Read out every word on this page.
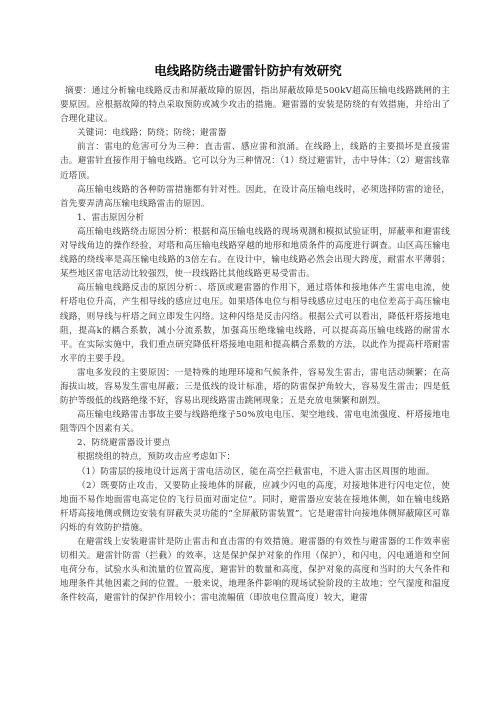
电线路防绕击避雷针防护有效研究

摘要：通过分析输电线路反击和屏蔽故障的原因，指出屏蔽故障是500kV超高压输电线路跳闸的主要原因。应根据故障的特点采取预防或减少攻击的措施。避雷器的安装是防绕的有效措施，并给出了合理化建议。

关键词：电线路；防绕；防绕；避雷器

前言：雷电的危害可分为三种：直击雷、感应雷和浪涌。在线路上，线路的主要损坏是直接雷击。避雷针直接作用于输电线路。它可以分为三种情况：（1）绕过避雷针，击中导体；（2）避雷线靠近塔顶。

高压输电线路的各种防雷措施都有针对性。因此，在设计高压输电线时，必须选择防雷的途径，首先要弄清高压输电线路雷击的原因。

1、雷击原因分析

高压输电线路绕击原因分析：根据和高压输电线路的现场观测和模拟试验证明，屏蔽率和避雷线对导线角边的操作经验，对塔和高压输电线路穿越的地形和地质条件的高度进行调查。山区高压输电线路的绕线率是高压输电线路的3倍左右。在设计中，输电线路必然会出现大跨度，耐雷水平薄弱；某些地区雷电活动比较强烈，使一段线路比其他线路更易受雷击。

高压输电线路反击的原因分析：、塔顶或避雷器的作用下，通过塔体和接地体产生雷电电流，使杆塔电位升高，产生相导线的感应过电压。如果塔体电位与相导线感应过电压的电位差高于高压输电线路，则导线与杆塔之间立即发生闪络。这种闪络是反击闪络。根据公式可以看出，降低杆塔接地电阻，提高k的耦合系数，减小分流系数，加强高压绝缘输电线路，可以提高高压输电线路的耐雷水平。在实际实施中，我们重点研究降低杆塔接地电阻和提高耦合系数的方法，以此作为提高杆塔耐雷水平的主要手段。

雷电多发段的主要原因：一是特殊的地理环境和气候条件，容易发生雷击，雷电活动频繁；在高海拔山坡，容易发生雷电屏蔽；三是低线的设计标准，塔的防雷保护角较大，容易发生雷击；四是低防护等级低的线路绝缘不好，容易出现线路雷击跳闸现象；五是充放电频繁和剧烈。

高压输电线路雷击事故主要与线路绝缘子50%放电电压、架空地线、雷电电流强度、杆塔接地电阻等四个因素有关。

2、防绕避雷器设计要点

根据绕组的特点，预防攻击应考虑如下：

（1）防雷层的接地设计远离于雷电活动区，能在高空拦截雷电，不进入雷击区周围的地面。

（2）既要防止攻击，又要防止接地体的屏蔽，应减少闪电的高度，对接地体进行闪电定位，使地面不易作地面雷电高定位的飞行员面对面定位”。同时，避雷器应安装在接地体侧，如在输电线路杆塔高接地侧或侧边安装有屏蔽失灵功能的“全屏蔽防雷装置”。它是避雷针向接地体侧屏蔽障区可靠闪烁的有效防护措施。

在避雷线上安装避雷针是防止雷击和直击雷的有效措施。避雷器的有效性与避雷器的工作效率密切相关。避雷针防雷（拦截）的效率，这是保护保护对象的作用（保护），和闪电，闪电通道和空间电荷分布，试验水头和流量的位置高度，避雷针的数量和高度，保护对象的高度和当时的大气条件和地理条件其他因素之间的位置。一般来说，地理条件影响的现场试验阶段的主故地；空气湿度和温度条件较高，避雷针的保护作用较小；雷电流幅值（即放电位置高度）较大，避雷
